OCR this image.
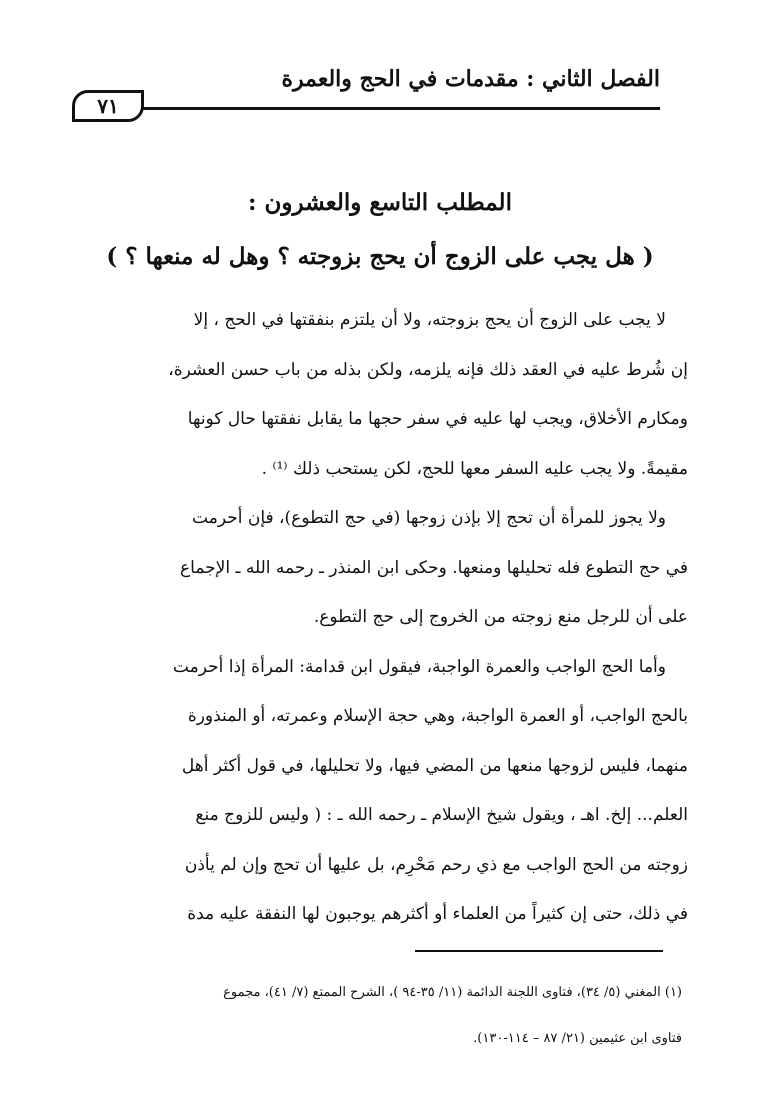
الفصل الثاني : مقدمات في الحج والعمرة
٧١
المطلب التاسع والعشرون :
( هل يجب على الزوج أن يحج بزوجته ؟ وهل له منعها ؟ )
لا يجب على الزوج أن يحج بزوجته، ولا أن يلتزم بنفقتها في الحج ، إلا
إن شُرط عليه في العقد ذلك فإنه يلزمه، ولكن بذله من باب حسن العشرة،
ومكارم الأخلاق، ويجب لها عليه في سفر حجها ما يقابل نفقتها حال كونها
مقيمةً. ولا يجب عليه السفر معها للحج، لكن يستحب ذلك ⁽¹⁾ .
ولا يجوز للمرأة أن تحج إلا بإذن زوجها (في حج التطوع)، فإن أحرمت
في حج التطوع فله تحليلها ومنعها. وحكى ابن المنذر ـ رحمه الله ـ الإجماع
على أن للرجل منع زوجته من الخروج إلى حج التطوع.
وأما الحج الواجب والعمرة الواجبة، فيقول ابن قدامة: المرأة إذا أحرمت
بالحج الواجب، أو العمرة الواجبة، وهي حجة الإسلام وعمرته، أو المنذورة
منهما، فليس لزوجها منعها من المضي فيها، ولا تحليلها، في قول أكثر أهل
العلم... إلخ. اهـ ، ويقول شيخ الإسلام ـ رحمه الله ـ : ( وليس للزوج منع
زوجته من الحج الواجب مع ذي رحم مَحْرِم، بل عليها أن تحج وإن لم يأذن
في ذلك، حتى إن كثيراً من العلماء أو أكثرهم يوجبون لها النفقة عليه مدة
(١) المغني (٥/ ٣٤)، فتاوى اللجنة الدائمة (١١/ ٣٥-٩٤ )، الشرح الممتع (٧/ ٤١)، مجموع
فتاوى ابن عثيمين (٢١/ ٨٧ – ١١٤-١٣٠).
